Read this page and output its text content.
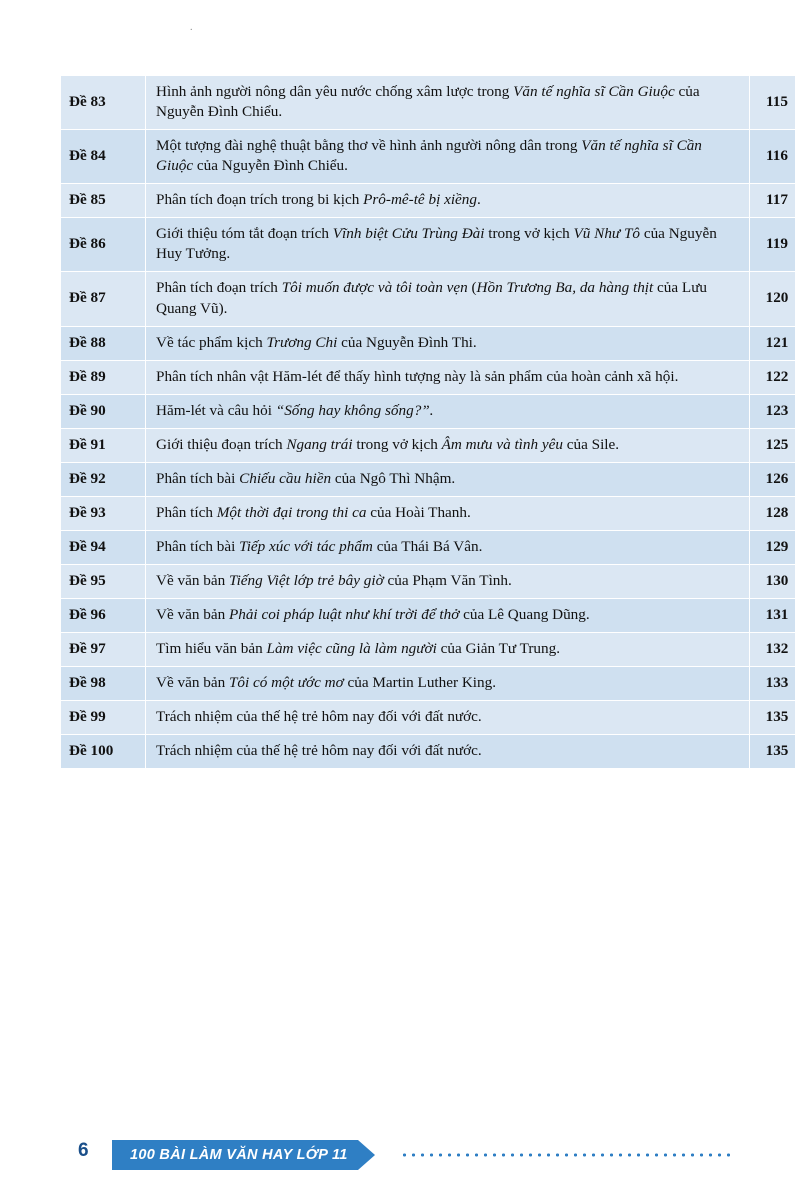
.
Đề 83	Hình ảnh người nông dân yêu nước chống xâm lược trong Văn tế nghĩa sĩ Cần Giuộc của Nguyễn Đình Chiểu.	115
Đề 84	Một tượng đài nghệ thuật bằng thơ về hình ảnh người nông dân trong Văn tế nghĩa sĩ Cần Giuộc của Nguyễn Đình Chiểu.	116
Đề 85	Phân tích đoạn trích trong bi kịch Prô-mê-tê bị xiềng.	117
Đề 86	Giới thiệu tóm tắt đoạn trích Vĩnh biệt Cửu Trùng Đài trong vở kịch Vũ Như Tô của Nguyễn Huy Tưởng.	119
Đề 87	Phân tích đoạn trích Tôi muốn được và tôi toàn vẹn (Hồn Trương Ba, da hàng thịt của Lưu Quang Vũ).	120
Đề 88	Về tác phẩm kịch Trương Chi của Nguyễn Đình Thi.	121
Đề 89	Phân tích nhân vật Hăm-lét để thấy hình tượng này là sản phẩm của hoàn cảnh xã hội.	122
Đề 90	Hăm-lét và câu hỏi “Sống hay không sống?”.	123
Đề 91	Giới thiệu đoạn trích Ngang trái trong vở kịch Âm mưu và tình yêu của Sile.	125
Đề 92	Phân tích bài Chiếu cầu hiền của Ngô Thì Nhậm.	126
Đề 93	Phân tích Một thời đại trong thi ca của Hoài Thanh.	128
Đề 94	Phân tích bài Tiếp xúc với tác phẩm của Thái Bá Vân.	129
Đề 95	Về văn bản Tiếng Việt lớp trẻ bây giờ của Phạm Văn Tình.	130
Đề 96	Về văn bản Phải coi pháp luật như khí trời để thở của Lê Quang Dũng.	131
Đề 97	Tìm hiểu văn bản Làm việc cũng là làm người của Giản Tư Trung.	132
Đề 98	Về văn bản Tôi có một ước mơ của Martin Luther King.	133
Đề 99	Trách nhiệm của thế hệ trẻ hôm nay đối với đất nước.	135
Đề 100	Trách nhiệm của thế hệ trẻ hôm nay đối với đất nước.	135
6	100 BÀI LÀM VĂN HAY LỚP 11
